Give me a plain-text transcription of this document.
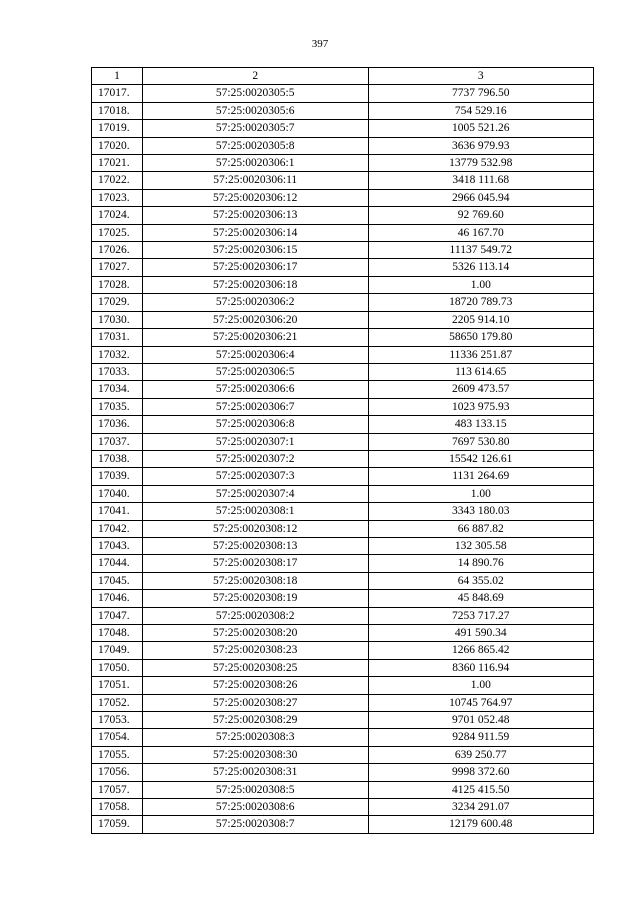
397
1	2	3
17017.	57:25:0020305:5	7737 796.50
17018.	57:25:0020305:6	754 529.16
17019.	57:25:0020305:7	1005 521.26
17020.	57:25:0020305:8	3636 979.93
17021.	57:25:0020306:1	13779 532.98
17022.	57:25:0020306:11	3418 111.68
17023.	57:25:0020306:12	2966 045.94
17024.	57:25:0020306:13	92 769.60
17025.	57:25:0020306:14	46 167.70
17026.	57:25:0020306:15	11137 549.72
17027.	57:25:0020306:17	5326 113.14
17028.	57:25:0020306:18	1.00
17029.	57:25:0020306:2	18720 789.73
17030.	57:25:0020306:20	2205 914.10
17031.	57:25:0020306:21	58650 179.80
17032.	57:25:0020306:4	11336 251.87
17033.	57:25:0020306:5	113 614.65
17034.	57:25:0020306:6	2609 473.57
17035.	57:25:0020306:7	1023 975.93
17036.	57:25:0020306:8	483 133.15
17037.	57:25:0020307:1	7697 530.80
17038.	57:25:0020307:2	15542 126.61
17039.	57:25:0020307:3	1131 264.69
17040.	57:25:0020307:4	1.00
17041.	57:25:0020308:1	3343 180.03
17042.	57:25:0020308:12	66 887.82
17043.	57:25:0020308:13	132 305.58
17044.	57:25:0020308:17	14 890.76
17045.	57:25:0020308:18	64 355.02
17046.	57:25:0020308:19	45 848.69
17047.	57:25:0020308:2	7253 717.27
17048.	57:25:0020308:20	491 590.34
17049.	57:25:0020308:23	1266 865.42
17050.	57:25:0020308:25	8360 116.94
17051.	57:25:0020308:26	1.00
17052.	57:25:0020308:27	10745 764.97
17053.	57:25:0020308:29	9701 052.48
17054.	57:25:0020308:3	9284 911.59
17055.	57:25:0020308:30	639 250.77
17056.	57:25:0020308:31	9998 372.60
17057.	57:25:0020308:5	4125 415.50
17058.	57:25:0020308:6	3234 291.07
17059.	57:25:0020308:7	12179 600.48
